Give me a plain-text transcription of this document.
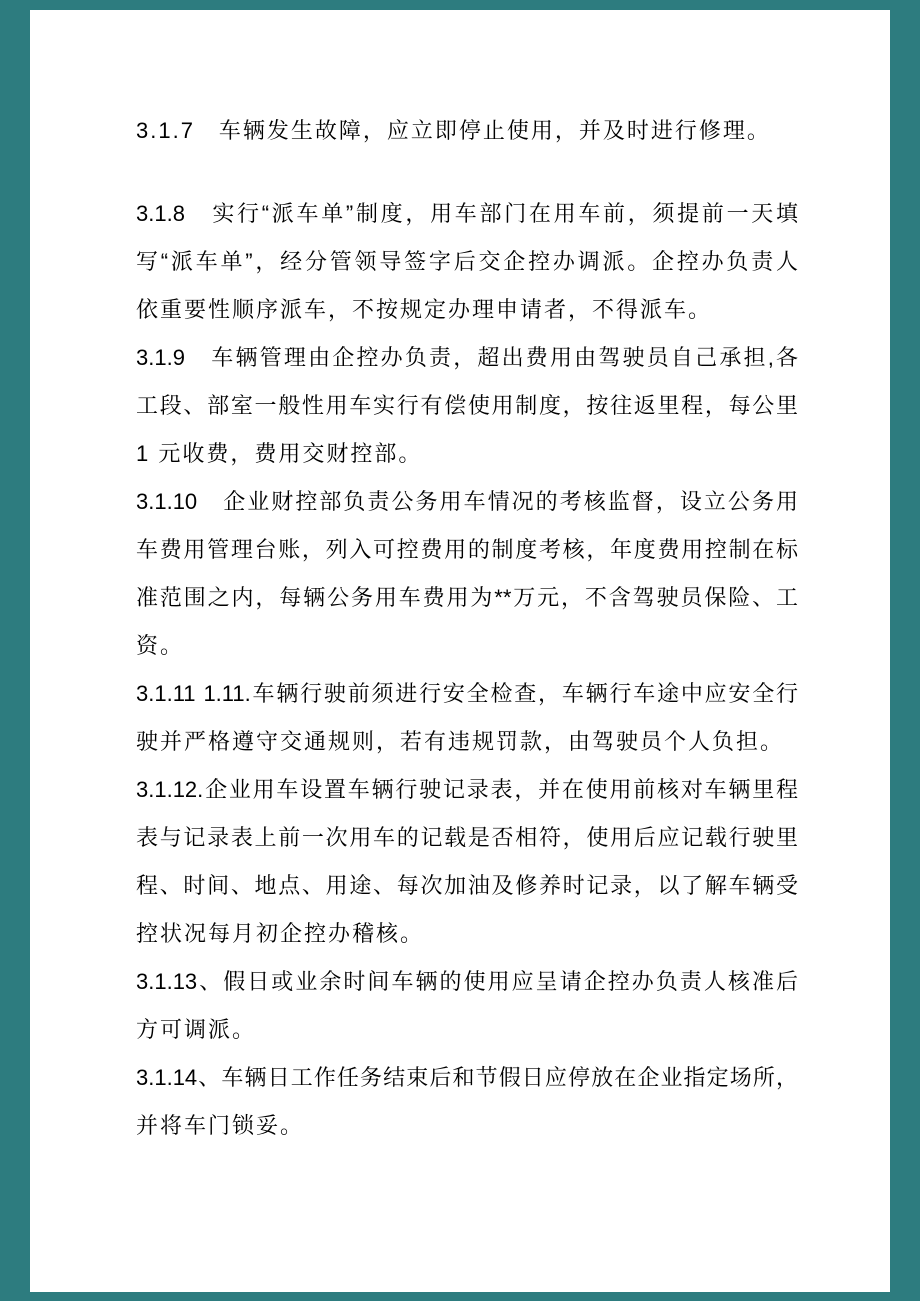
3.1.7　车辆发生故障，应立即停止使用，并及时进行修理。
3.1.8　实行“派车单”制度，用车部门在用车前，须提前一天填
写“派车单”，经分管领导签字后交企控办调派。企控办负责人
依重要性顺序派车，不按规定办理申请者，不得派车。
3.1.9　车辆管理由企控办负责，超出费用由驾驶员自己承担,各
工段、部室一般性用车实行有偿使用制度，按往返里程，每公里
1 元收费，费用交财控部。
3.1.10　企业财控部负责公务用车情况的考核监督，设立公务用
车费用管理台账，列入可控费用的制度考核，年度费用控制在标
准范围之内，每辆公务用车费用为**万元，不含驾驶员保险、工
资。
3.1.11 1.11.车辆行驶前须进行安全检查，车辆行车途中应安全行
驶并严格遵守交通规则，若有违规罚款，由驾驶员个人负担。
3.1.12.企业用车设置车辆行驶记录表，并在使用前核对车辆里程
表与记录表上前一次用车的记载是否相符，使用后应记载行驶里
程、时间、地点、用途、每次加油及修养时记录，以了解车辆受
控状况每月初企控办稽核。
3.1.13、假日或业余时间车辆的使用应呈请企控办负责人核准后
方可调派。
3.1.14、车辆日工作任务结束后和节假日应停放在企业指定场所，
并将车门锁妥。
